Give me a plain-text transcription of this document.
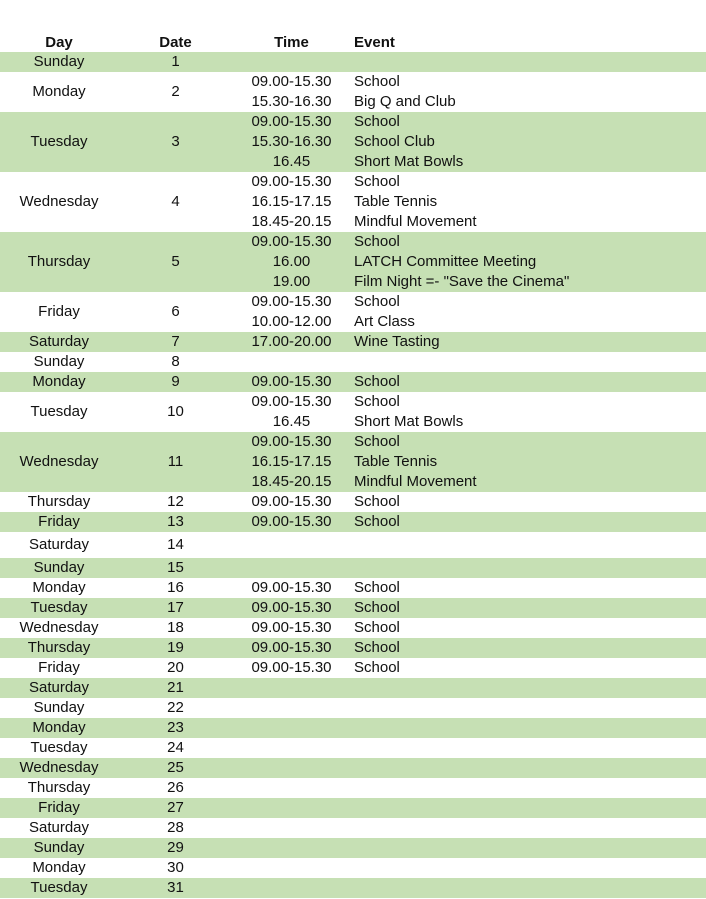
Day	Date	Time	Event
Sunday	1
Monday	2
09.00-15.30	School
15.30-16.30	Big Q and Club
Tuesday	3
09.00-15.30	School
15.30-16.30	School Club
16.45	Short Mat Bowls
Wednesday	4
09.00-15.30	School
16.15-17.15	Table Tennis
18.45-20.15	Mindful Movement
Thursday	5
09.00-15.30	School
16.00	LATCH Committee Meeting
19.00	Film Night =- "Save the Cinema"
Friday	6
09.00-15.30	School
10.00-12.00	Art Class
Saturday	7	17.00-20.00	Wine Tasting
Sunday	8
Monday	9	09.00-15.30	School
Tuesday	10
09.00-15.30	School
16.45	Short Mat Bowls
Wednesday	11
09.00-15.30	School
16.15-17.15	Table Tennis
18.45-20.15	Mindful Movement
Thursday	12	09.00-15.30	School
Friday	13	09.00-15.30	School
Saturday	14
Sunday	15
Monday	16	09.00-15.30	School
Tuesday	17	09.00-15.30	School
Wednesday	18	09.00-15.30	School
Thursday	19	09.00-15.30	School
Friday	20	09.00-15.30	School
Saturday	21
Sunday	22
Monday	23
Tuesday	24
Wednesday	25
Thursday	26
Friday	27
Saturday	28
Sunday	29
Monday	30
Tuesday	31
